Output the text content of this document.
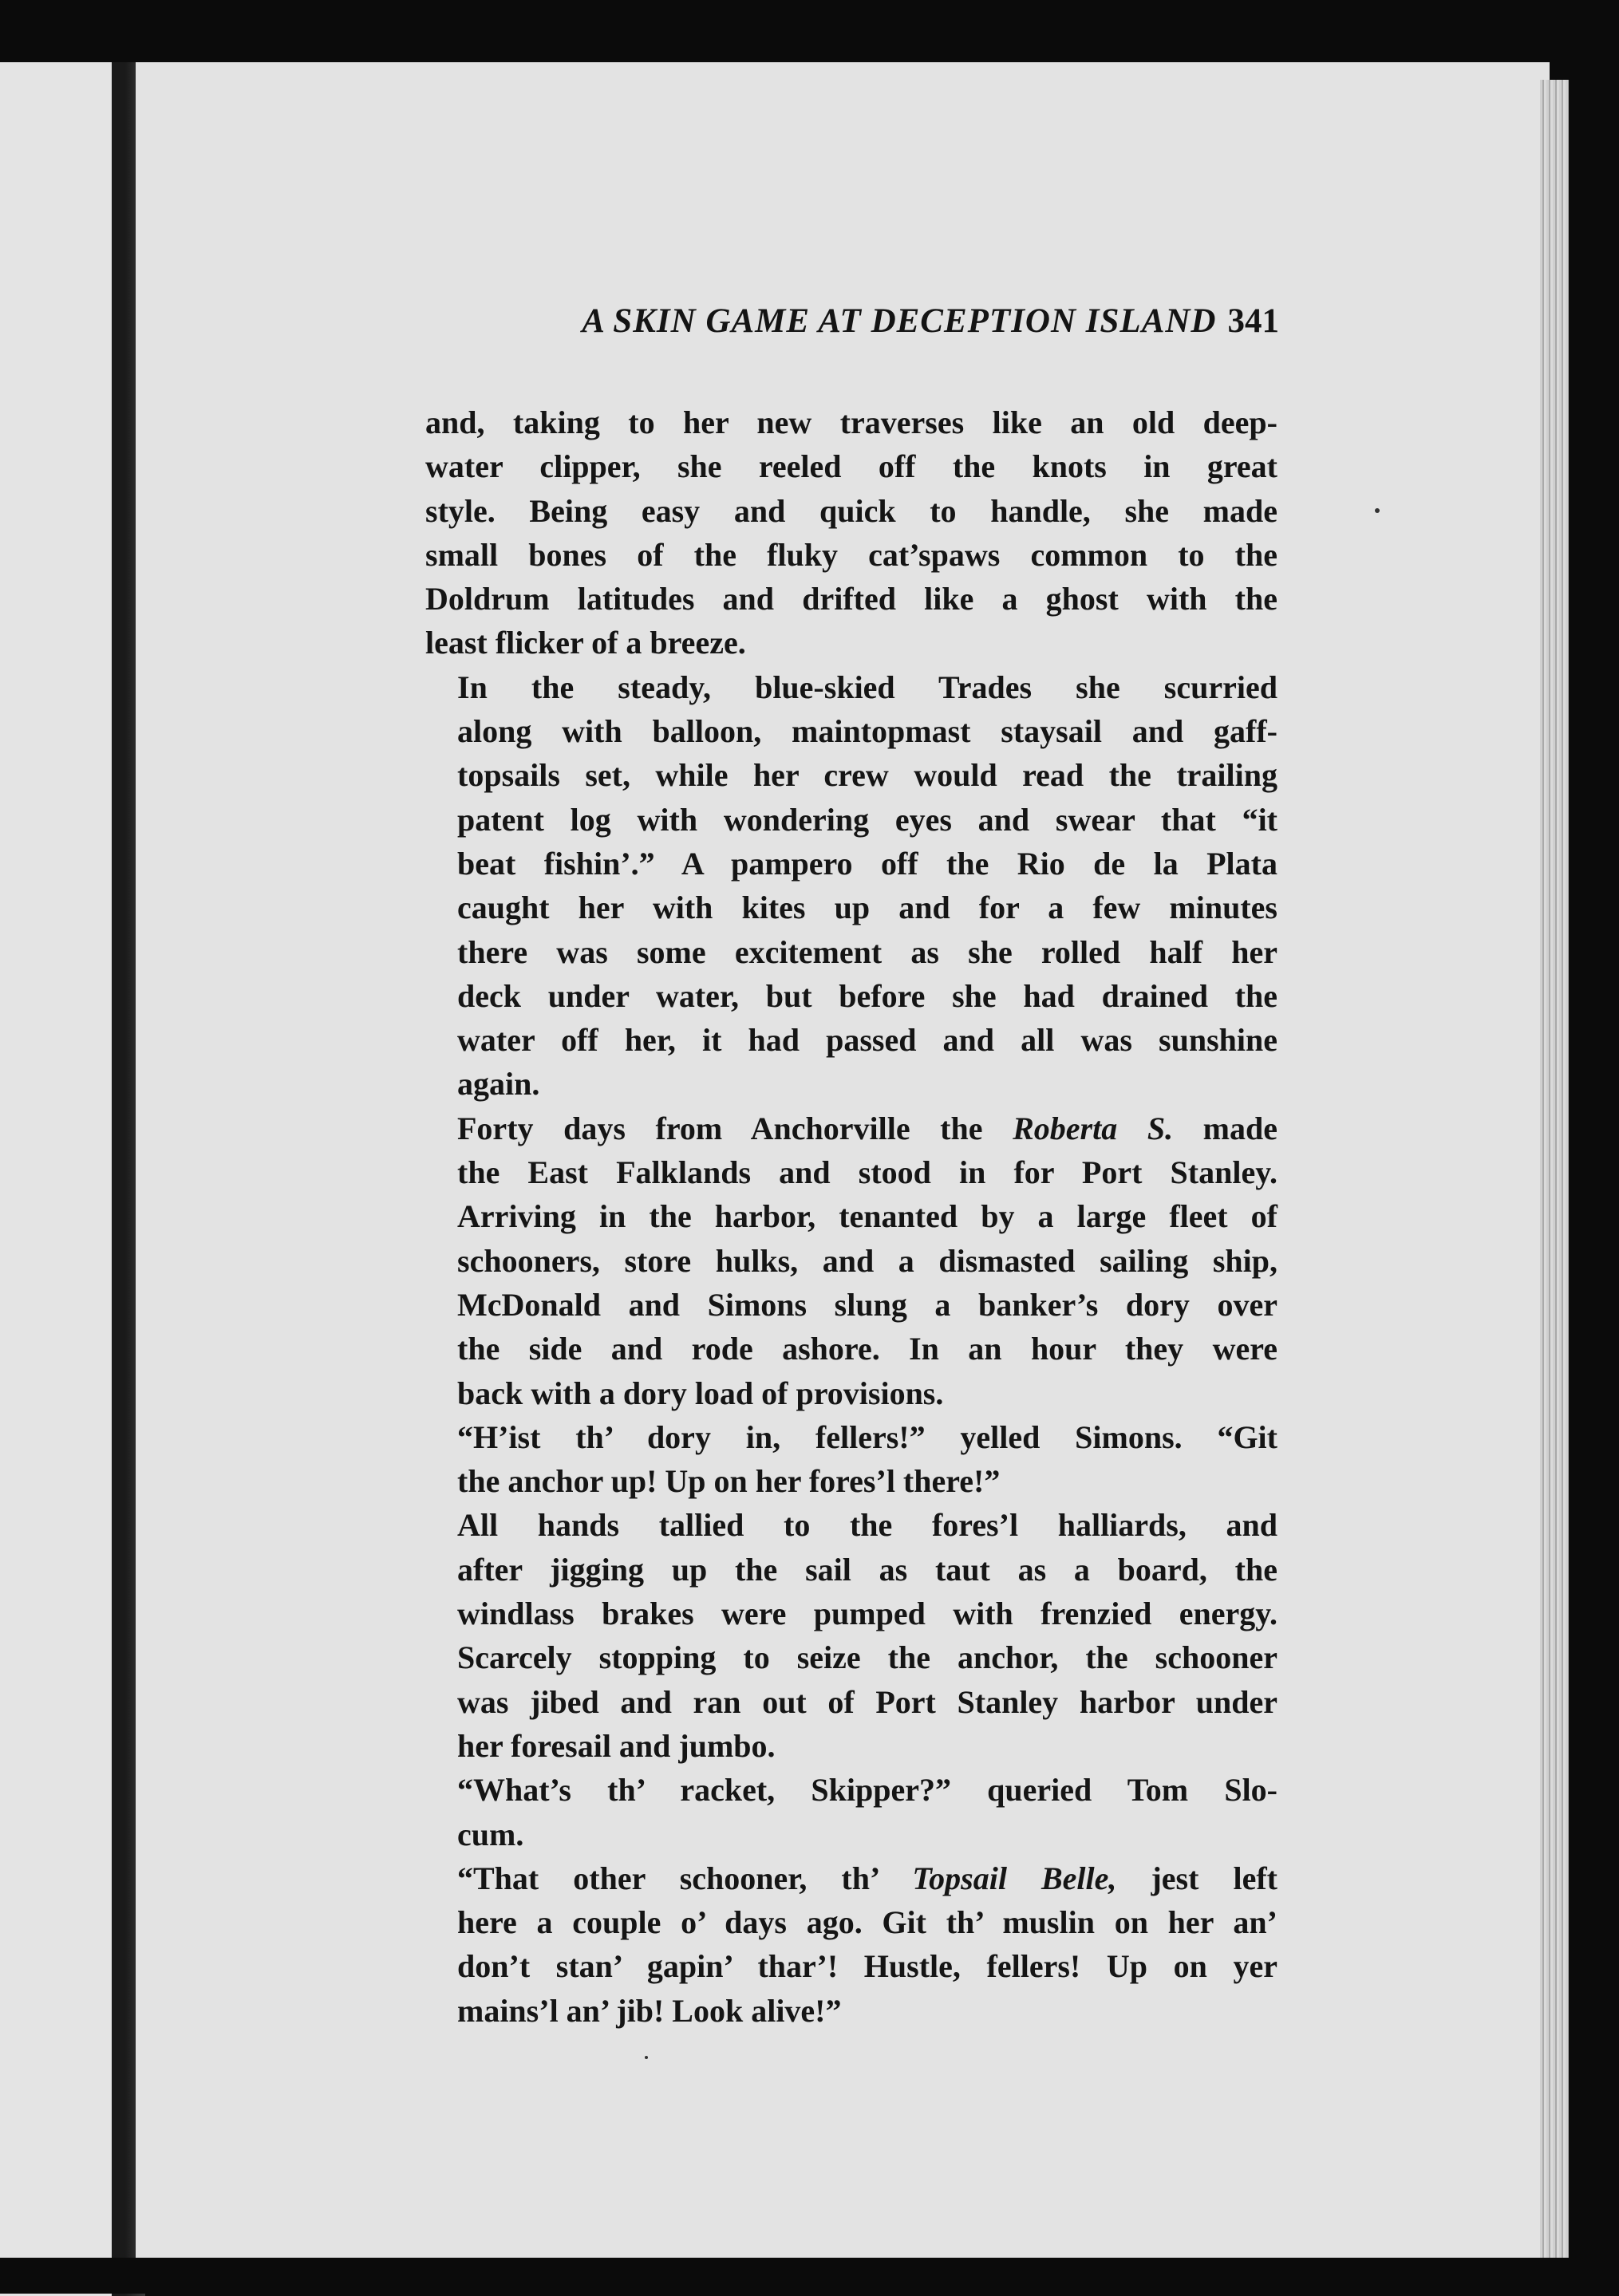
A SKIN GAME AT DECEPTION ISLAND 341

and, taking to her new traverses like an old deep-
water clipper, she reeled off the knots in great
style. Being easy and quick to handle, she made
small bones of the fluky cat’spaws common to the
Doldrum latitudes and drifted like a ghost with the
least flicker of a breeze.

In the steady, blue-skied Trades she scurried
along with balloon, maintopmast staysail and gaff-
topsails set, while her crew would read the trailing
patent log with wondering eyes and swear that “it
beat fishin’.” A pampero off the Rio de la Plata
caught her with kites up and for a few minutes
there was some excitement as she rolled half her
deck under water, but before she had drained the
water off her, it had passed and all was sunshine
again.

Forty days from Anchorville the Roberta S. made
the East Falklands and stood in for Port Stanley.
Arriving in the harbor, tenanted by a large fleet of
schooners, store hulks, and a dismasted sailing ship,
McDonald and Simons slung a banker’s dory over
the side and rode ashore. In an hour they were
back with a dory load of provisions.

“H’ist th’ dory in, fellers!” yelled Simons. “Git
the anchor up! Up on her fores’l there!”

All hands tallied to the fores’l halliards, and
after jigging up the sail as taut as a board, the
windlass brakes were pumped with frenzied energy.
Scarcely stopping to seize the anchor, the schooner
was jibed and ran out of Port Stanley harbor under
her foresail and jumbo.

“What’s th’ racket, Skipper?” queried Tom Slo-
cum.

“That other schooner, th’ Topsail Belle, jest left
here a couple o’ days ago. Git th’ muslin on her an’
don’t stan’ gapin’ thar’! Hustle, fellers! Up on yer
mains’l an’ jib! Look alive!”
